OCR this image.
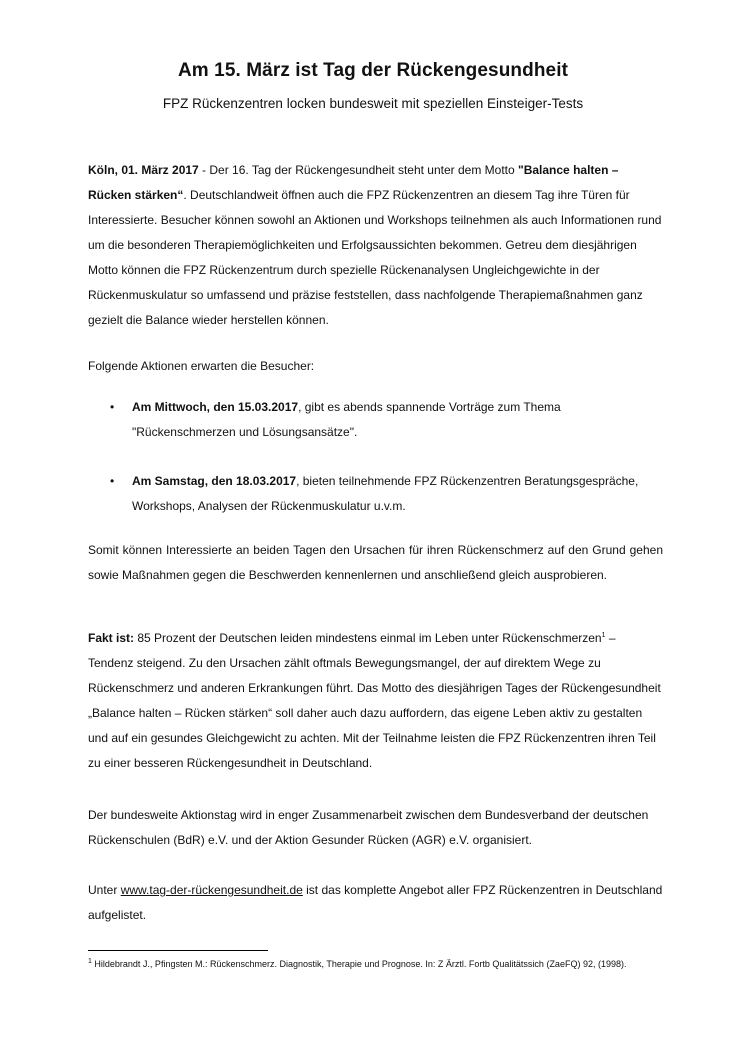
Am 15. März ist Tag der Rückengesundheit
FPZ Rückenzentren locken bundesweit mit speziellen Einsteiger-Tests
Köln, 01. März 2017 - Der 16. Tag der Rückengesundheit steht unter dem Motto "Balance halten – Rücken stärken“. Deutschlandweit öffnen auch die FPZ Rückenzentren an diesem Tag ihre Türen für Interessierte. Besucher können sowohl an Aktionen und Workshops teilnehmen als auch Informationen rund um die besonderen Therapiemöglichkeiten und Erfolgsaussichten bekommen. Getreu dem diesjährigen Motto können die FPZ Rückenzentrum durch spezielle Rückenanalysen Ungleichgewichte in der Rückenmuskulatur so umfassend und präzise feststellen, dass nachfolgende Therapiemaßnahmen ganz gezielt die Balance wieder herstellen können.
Folgende Aktionen erwarten die Besucher:
• Am Mittwoch, den 15.03.2017, gibt es abends spannende Vorträge zum Thema "Rückenschmerzen und Lösungsansätze".
• Am Samstag, den 18.03.2017, bieten teilnehmende FPZ Rückenzentren Beratungsgespräche, Workshops, Analysen der Rückenmuskulatur u.v.m.
Somit können Interessierte an beiden Tagen den Ursachen für ihren Rückenschmerz auf den Grund gehen sowie Maßnahmen gegen die Beschwerden kennenlernen und anschließend gleich ausprobieren.
Fakt ist: 85 Prozent der Deutschen leiden mindestens einmal im Leben unter Rückenschmerzen$^1$ – Tendenz steigend. Zu den Ursachen zählt oftmals Bewegungsmangel, der auf direktem Wege zu Rückenschmerz und anderen Erkrankungen führt. Das Motto des diesjährigen Tages der Rückengesundheit „Balance halten – Rücken stärken“ soll daher auch dazu auffordern, das eigene Leben aktiv zu gestalten und auf ein gesundes Gleichgewicht zu achten. Mit der Teilnahme leisten die FPZ Rückenzentren ihren Teil zu einer besseren Rückengesundheit in Deutschland.
Der bundesweite Aktionstag wird in enger Zusammenarbeit zwischen dem Bundesverband der deutschen Rückenschulen (BdR) e.V. und der Aktion Gesunder Rücken (AGR) e.V. organisiert.
Unter www.tag-der-rückengesundheit.de ist das komplette Angebot aller FPZ Rückenzentren in Deutschland aufgelistet.
$^1$ Hildebrandt J., Pfingsten M.: Rückenschmerz. Diagnostik, Therapie und Prognose. In: Z Ärztl. Fortb Qualitätssich (ZaeFQ) 92, (1998).
